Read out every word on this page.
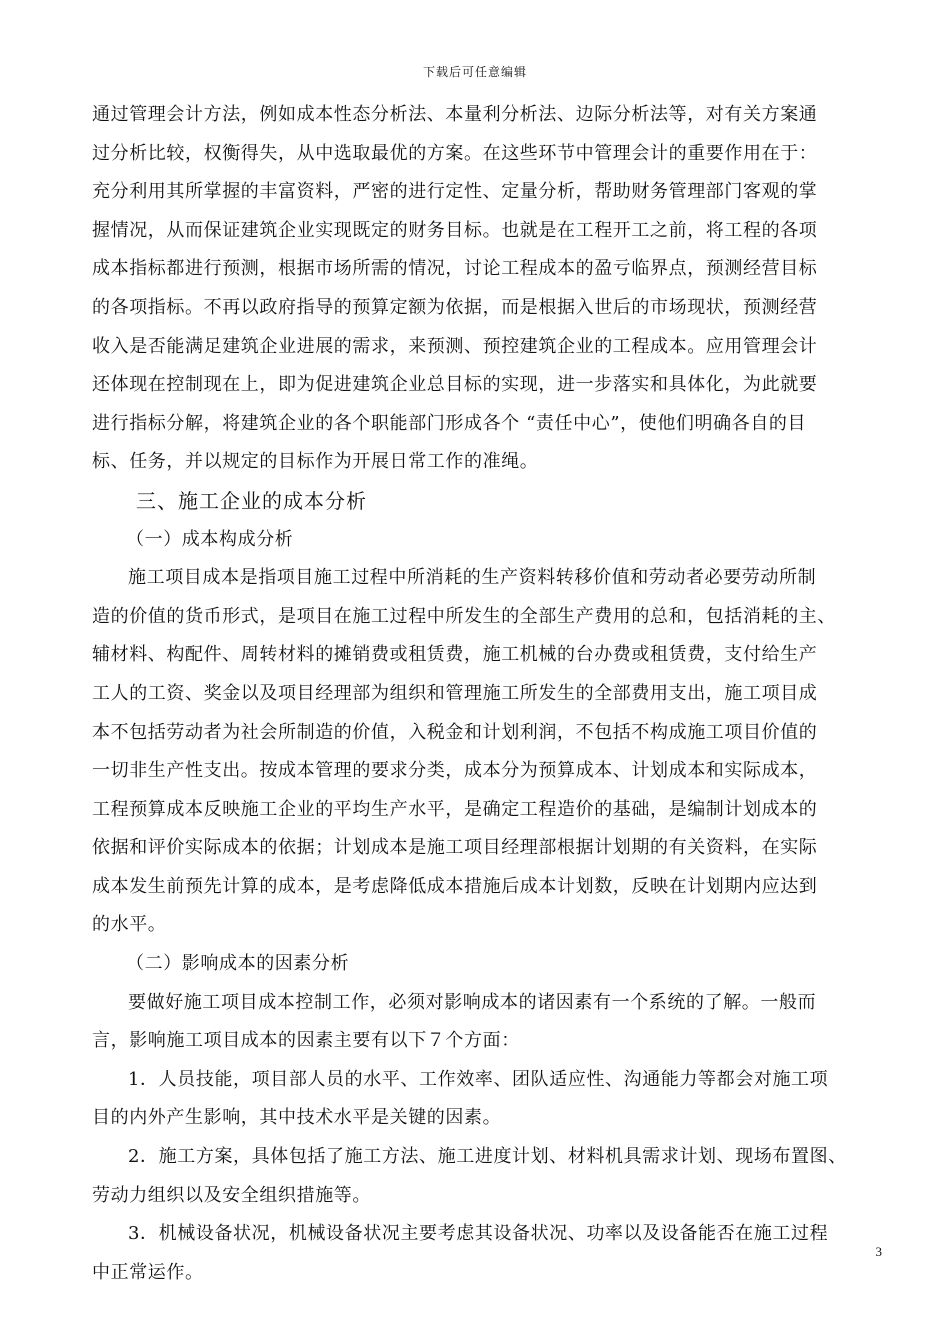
下载后可任意编辑
通过管理会计方法，例如成本性态分析法、本量利分析法、边际分析法等，对有关方案通
过分析比较，权衡得失，从中选取最优的方案。在这些环节中管理会计的重要作用在于：
充分利用其所掌握的丰富资料，严密的进行定性、定量分析，帮助财务管理部门客观的掌
握情况，从而保证建筑企业实现既定的财务目标。也就是在工程开工之前，将工程的各项
成本指标都进行预测，根据市场所需的情况，讨论工程成本的盈亏临界点，预测经营目标
的各项指标。不再以政府指导的预算定额为依据，而是根据入世后的市场现状，预测经营
收入是否能满足建筑企业进展的需求，来预测、预控建筑企业的工程成本。应用管理会计
还体现在控制现在上，即为促进建筑企业总目标的实现，进一步落实和具体化，为此就要
进行指标分解，将建筑企业的各个职能部门形成各个 “责任中心”，使他们明确各自的目
标、任务，并以规定的目标作为开展日常工作的准绳。
三、施工企业的成本分析
（一）成本构成分析
施工项目成本是指项目施工过程中所消耗的生产资料转移价值和劳动者必要劳动所制
造的价值的货币形式，是项目在施工过程中所发生的全部生产费用的总和，包括消耗的主、
辅材料、构配件、周转材料的摊销费或租赁费，施工机械的台办费或租赁费，支付给生产
工人的工资、奖金以及项目经理部为组织和管理施工所发生的全部费用支出，施工项目成
本不包括劳动者为社会所制造的价值，入税金和计划利润，不包括不构成施工项目价值的
一切非生产性支出。按成本管理的要求分类，成本分为预算成本、计划成本和实际成本，
工程预算成本反映施工企业的平均生产水平，是确定工程造价的基础，是编制计划成本的
依据和评价实际成本的依据；计划成本是施工项目经理部根据计划期的有关资料，在实际
成本发生前预先计算的成本，是考虑降低成本措施后成本计划数，反映在计划期内应达到
的水平。
（二）影响成本的因素分析
要做好施工项目成本控制工作，必须对影响成本的诸因素有一个系统的了解。一般而
言，影响施工项目成本的因素主要有以下７个方面：
1．人员技能，项目部人员的水平、工作效率、团队适应性、沟通能力等都会对施工项
目的内外产生影响，其中技术水平是关键的因素。
2．施工方案，具体包括了施工方法、施工进度计划、材料机具需求计划、现场布置图、
劳动力组织以及安全组织措施等。
3．机械设备状况，机械设备状况主要考虑其设备状况、功率以及设备能否在施工过程
中正常运作。
3
